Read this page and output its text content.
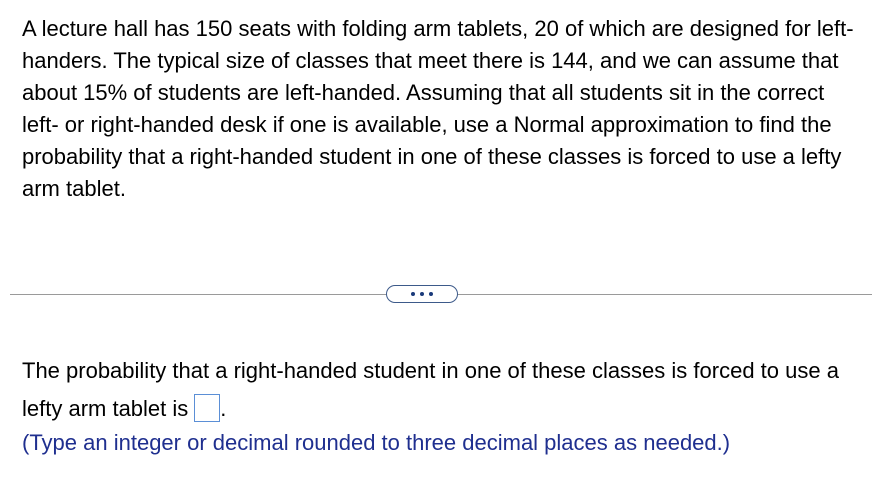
A lecture hall has 150 seats with folding arm tablets, 20 of which are designed for left-handers. The typical size of classes that meet there is 144, and we can assume that about 15% of students are left-handed. Assuming that all students sit in the correct left- or right-handed desk if one is available, use a Normal approximation to find the probability that a right-handed student in one of these classes is forced to use a lefty arm tablet.

The probability that a right-handed student in one of these classes is forced to use a lefty arm tablet is .

(Type an integer or decimal rounded to three decimal places as needed.)
